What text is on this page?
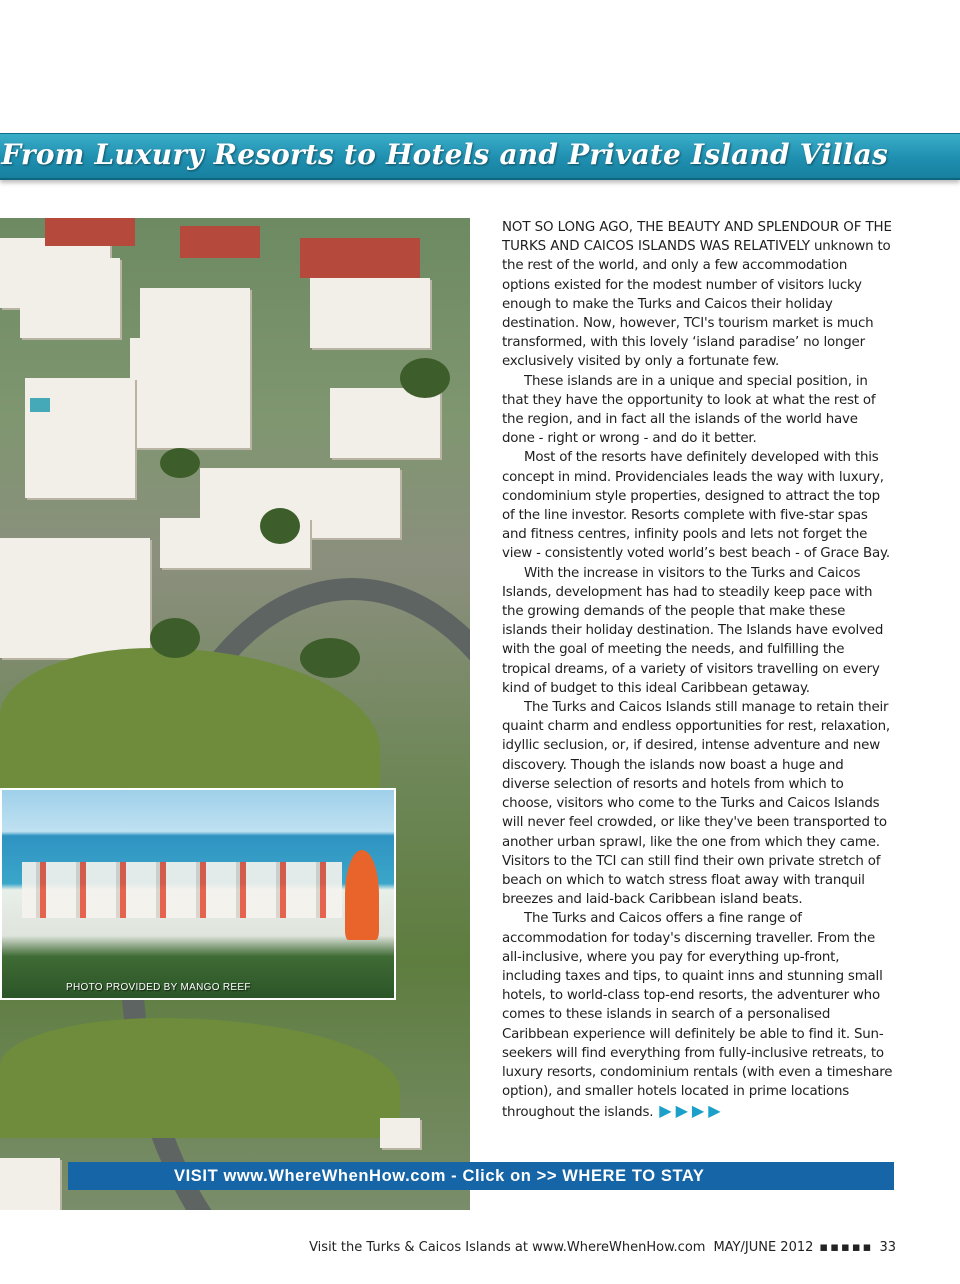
From Luxury Resorts to Hotels and Private Island Villas
PHOTO PROVIDED BY MANGO REEF

NOT SO LONG AGO, THE BEAUTY AND SPLENDOUR OF THE TURKS AND CAICOS ISLANDS WAS RELATIVELY unknown to the rest of the world, and only a few accommodation options existed for the modest number of visitors lucky enough to make the Turks and Caicos their holiday destination. Now, however, TCI's tourism market is much transformed, with this lovely ‘island paradise’ no longer exclusively visited by only a fortunate few.

These islands are in a unique and special position, in that they have the opportunity to look at what the rest of the region, and in fact all the islands of the world have done - right or wrong - and do it better.

Most of the resorts have definitely developed with this concept in mind. Providenciales leads the way with luxury, condominium style properties, designed to attract the top of the line investor. Resorts complete with five-star spas and fitness centres, infinity pools and lets not forget the view - consistently voted world’s best beach - of Grace Bay.

With the increase in visitors to the Turks and Caicos Islands, development has had to steadily keep pace with the growing demands of the people that make these islands their holiday destination. The Islands have evolved with the goal of meeting the needs, and fulfilling the tropical dreams, of a variety of visitors travelling on every kind of budget to this ideal Caribbean getaway.

The Turks and Caicos Islands still manage to retain their quaint charm and endless opportunities for rest, relaxation, idyllic seclusion, or, if desired, intense adventure and new discovery. Though the islands now boast a huge and diverse selection of resorts and hotels from which to choose, visitors who come to the Turks and Caicos Islands will never feel crowded, or like they've been transported to another urban sprawl, like the one from which they came. Visitors to the TCI can still find their own private stretch of beach on which to watch stress float away with tranquil breezes and laid-back Caribbean island beats.

The Turks and Caicos offers a fine range of accommodation for today's discerning traveller. From the all-inclusive, where you pay for everything up-front, including taxes and tips, to quaint inns and stunning small hotels, to world-class top-end resorts, the adventurer who comes to these islands in search of a personalised Caribbean experience will definitely be able to find it. Sun-seekers will find everything from fully-inclusive retreats, to luxury resorts, condominium rentals (with even a timeshare option), and smaller hotels located in prime locations throughout the islands. ▶▶▶▶

VISIT www.WhereWhenHow.com - Click on >> WHERE TO STAY
Visit the Turks & Caicos Islands at www.WhereWhenHow.com MAY/JUNE 2012 ▪▪▪▪▪ 33
